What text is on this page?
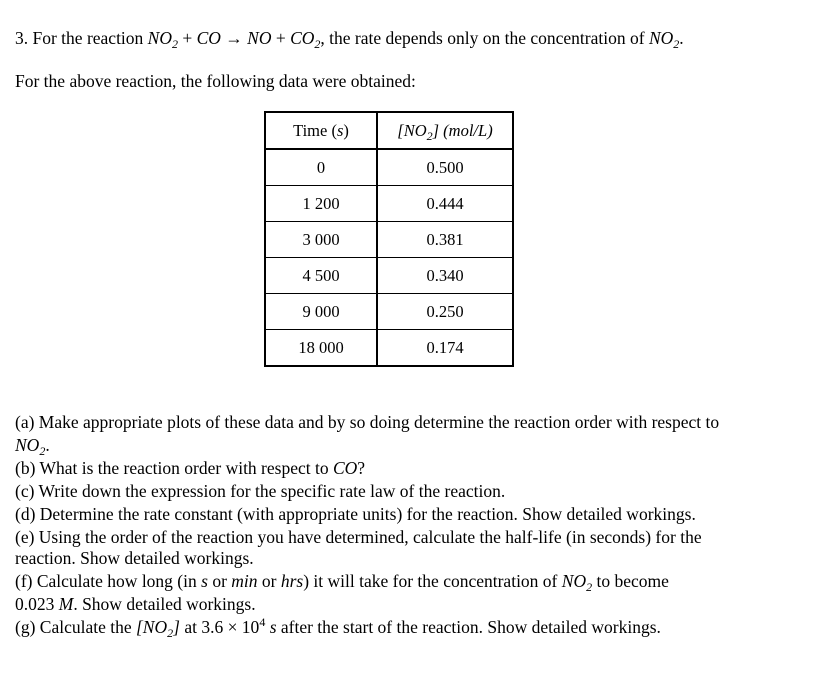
3. For the reaction $NO_2$ + CO → NO + $CO_2$, the rate depends only on the concentration of $NO_2$.
For the above reaction, the following data were obtained:
Time (s)	$[NO_2]$ (mol/L)
0	0.500
1 200	0.444
3 000	0.381
4 500	0.340
9 000	0.250
18 000	0.174
(a) Make appropriate plots of these data and by so doing determine the reaction order with respect to
$NO_2$.
(b) What is the reaction order with respect to CO?
(c) Write down the expression for the specific rate law of the reaction.
(d) Determine the rate constant (with appropriate units) for the reaction. Show detailed workings.
(e) Using the order of the reaction you have determined, calculate the half-life (in seconds) for the
reaction. Show detailed workings.
(f) Calculate how long (in s or min or hrs) it will take for the concentration of $NO_2$ to become
0.023 M. Show detailed workings.
(g) Calculate the $[NO_2]$ at $3.6 \times 10^4$ s after the start of the reaction. Show detailed workings.
